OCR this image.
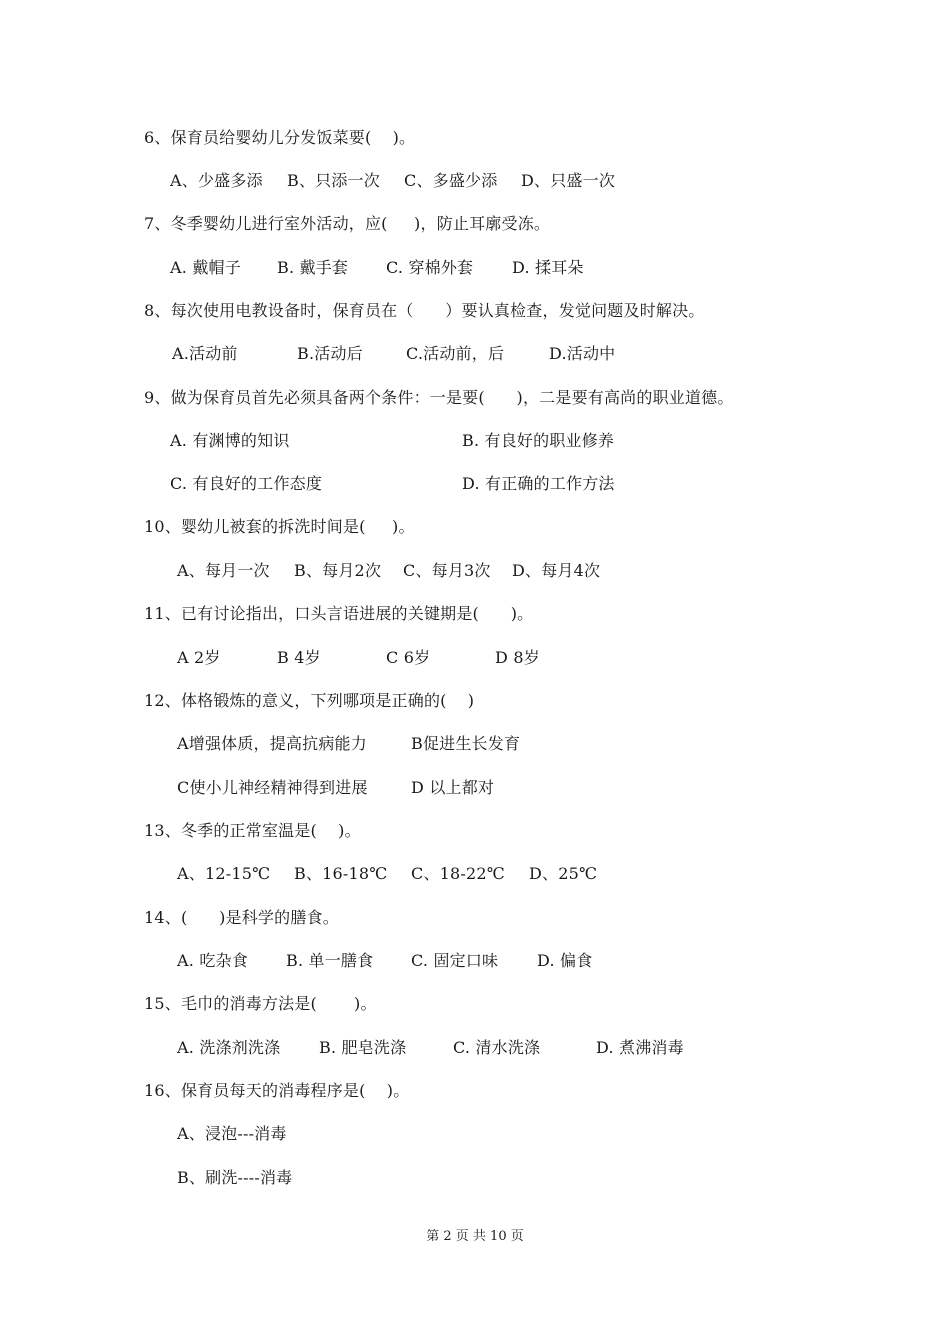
6、保育员给婴幼儿分发饭菜要(    )。
A、少盛多添 B、只添一次 C、多盛少添 D、只盛一次
7、冬季婴幼儿进行室外活动，应(     )，防止耳廓受冻。
A. 戴帽子 B. 戴手套 C. 穿棉外套 D. 揉耳朵
8、每次使用电教设备时，保育员在（      ）要认真检查，发觉问题及时解决。
A.活动前	B.活动后	C.活动前，后	D.活动中
9、做为保育员首先必须具备两个条件：一是要(      )，二是要有高尚的职业道德。
A. 有渊博的知识	B. 有良好的职业修养
C. 有良好的工作态度	D. 有正确的工作方法
10、婴幼儿被套的拆洗时间是(     )。
A、每月一次 B、每月2次 C、每月3次 D、每月4次
11、已有讨论指出，口头言语进展的关键期是(      )。
A 2岁	B 4岁	C 6岁	D 8岁
12、体格锻炼的意义，下列哪项是正确的(    )
A增强体质，提高抗病能力	B促进生长发育
C使小儿神经精神得到进展	D 以上都对
13、冬季的正常室温是(    )。
A、12-15℃ B、16-18℃ C、18-22℃ D、25℃
14、(      )是科学的膳食。
A. 吃杂食 B. 单一膳食 C. 固定口味 D. 偏食
15、毛巾的消毒方法是(       )。
A. 洗涤剂洗涤 B. 肥皂洗涤	C. 清水洗涤	D. 煮沸消毒
16、保育员每天的消毒程序是(    )。
A、浸泡---消毒
B、刷洗----消毒
第 2 页 共 10 页
